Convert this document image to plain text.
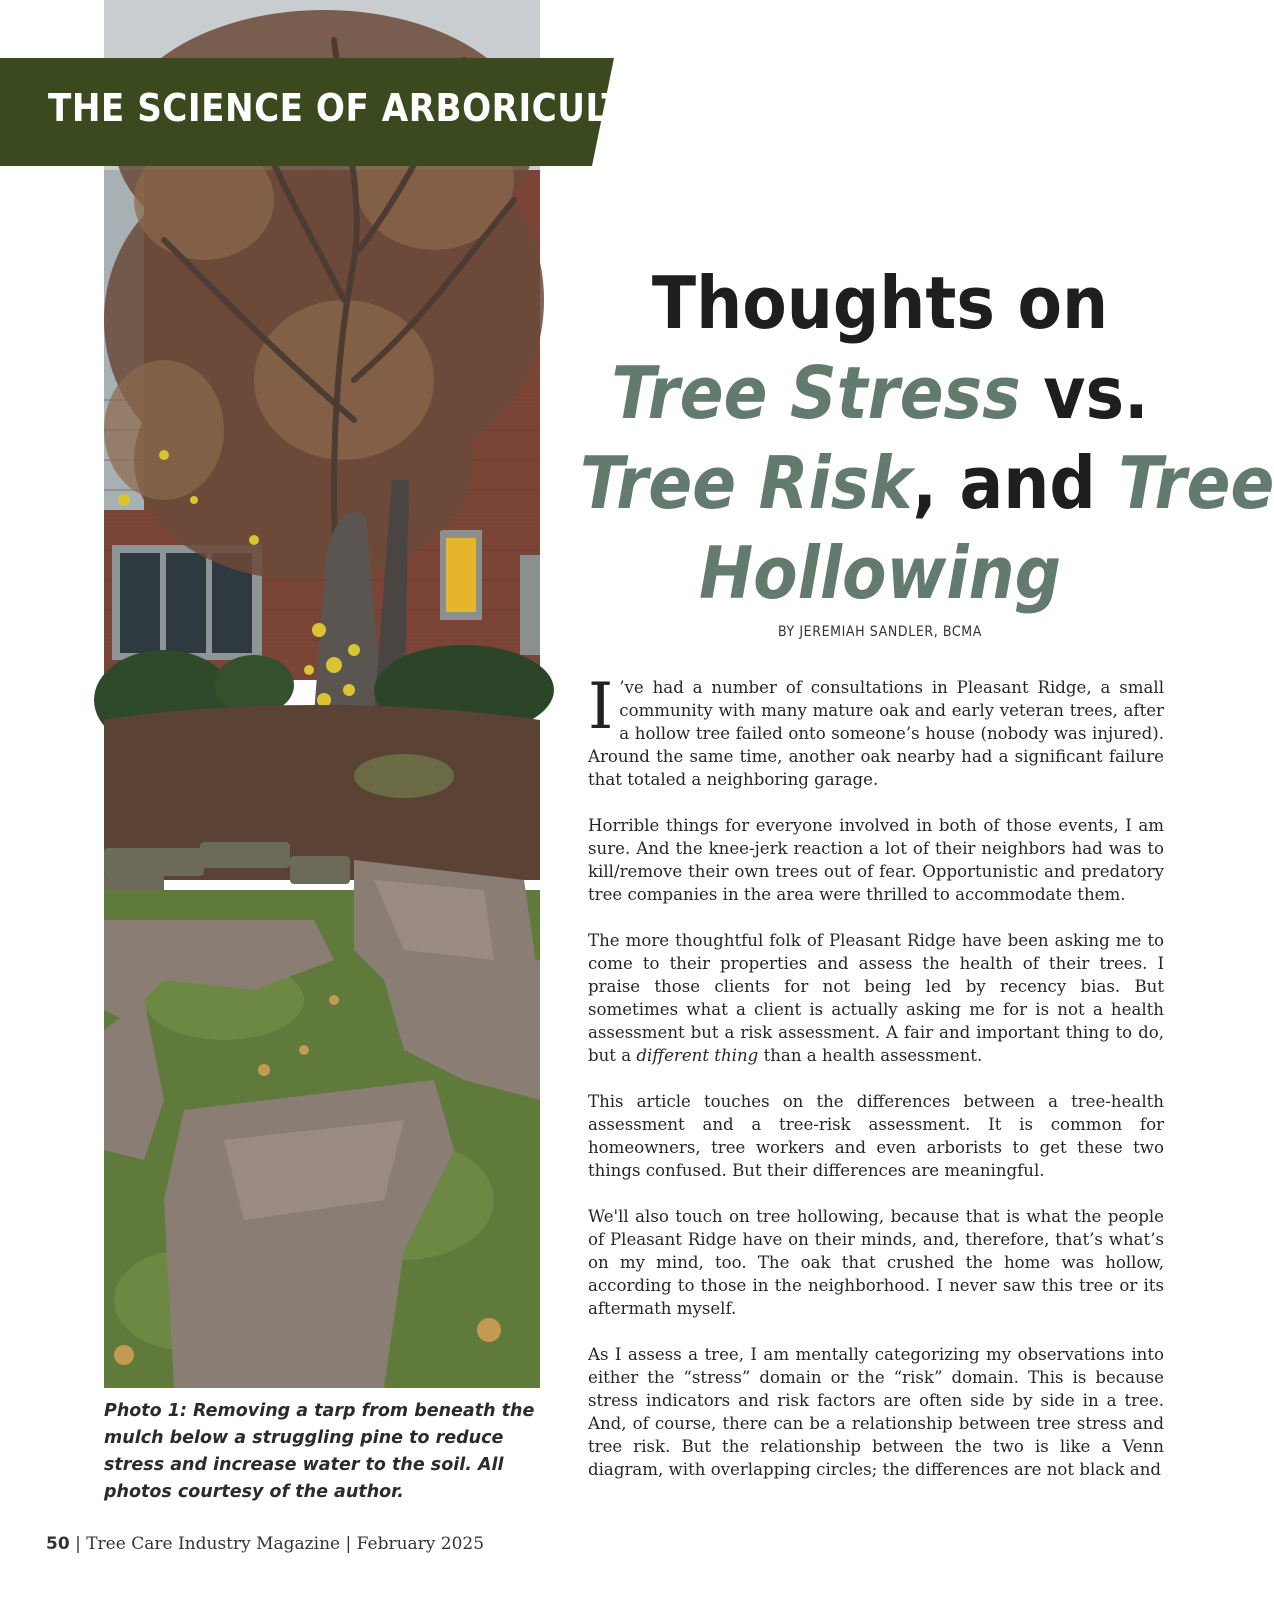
THE SCIENCE OF ARBORICULTURE
Thoughts on
Tree Stress vs.
Tree Risk, and Tree
Hollowing
BY JEREMIAH SANDLER, BCMA

I ’ve had a number of consultations in Pleasant Ridge, a small community with many mature oak and early veteran trees, after a hollow tree failed onto someone’s house (nobody was injured). Around the same time, another oak nearby had a significant failure that totaled a neighboring garage.

Horrible things for everyone involved in both of those events, I am sure. And the knee-jerk reaction a lot of their neighbors had was to kill/remove their own trees out of fear. Opportunistic and predatory tree companies in the area were thrilled to accommodate them.

The more thoughtful folk of Pleasant Ridge have been asking me to come to their properties and assess the health of their trees. I praise those clients for not being led by recency bias. But sometimes what a client is actually asking me for is not a health assessment but a risk assessment. A fair and important thing to do, but a different thing than a health assessment.

This article touches on the differences between a tree-health assessment and a tree-risk assessment. It is common for homeowners, tree workers and even arborists to get these two things confused. But their differences are meaningful.

We'll also touch on tree hollowing, because that is what the people of Pleasant Ridge have on their minds, and, therefore, that’s what’s on my mind, too. The oak that crushed the home was hollow, according to those in the neighborhood. I never saw this tree or its aftermath myself.

As I assess a tree, I am mentally categorizing my observations into either the “stress” domain or the “risk” domain. This is because stress indicators and risk factors are often side by side in a tree. And, of course, there can be a relationship between tree stress and tree risk. But the relationship between the two is like a Venn diagram, with overlapping circles; the differences are not black and

Photo 1: Removing a tarp from beneath the mulch below a struggling pine to reduce stress and increase water to the soil. All photos courtesy of the author.
50 | Tree Care Industry Magazine | February 2025
